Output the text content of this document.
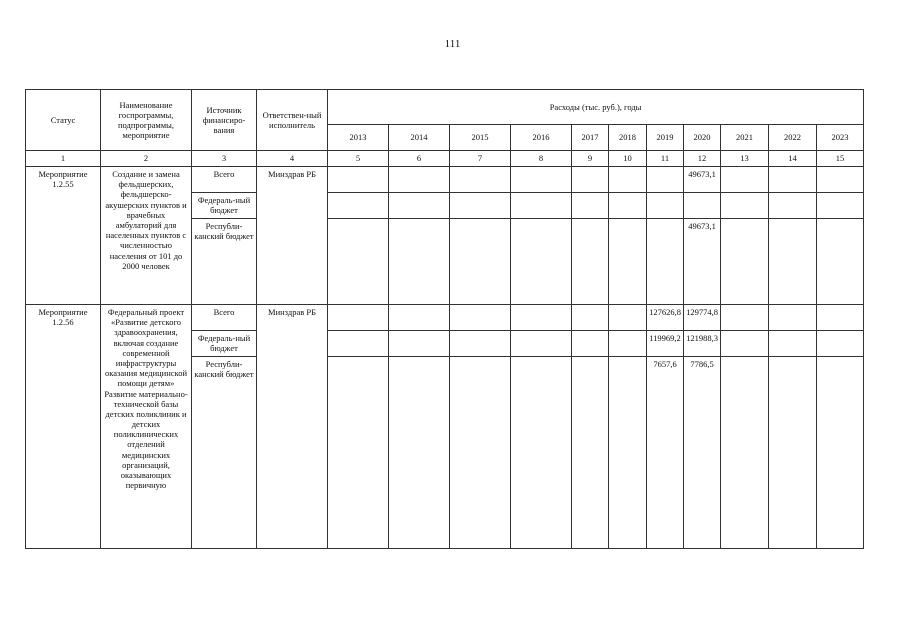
111
Статус	Наименование госпрограммы, подпрограммы, мероприятие	Источник финансиро-вания	Ответствен-ный исполнитель	Расходы (тыс. руб.), годы										
				2013	2014	2015	2016	2017	2018	2019	2020	2021	2022	2023
1	2	3	4	5	6	7	8	9	10	11	12	13	14	15
Мероприятие 1.2.55	Создание и замена фельдшерских, фельдшерско-акушерских пунктов и врачебных амбулаторий для населенных пунктов с численностью населения от 101 до 2000 человек	Всего	Минздрав РБ								49673,1			
		Федераль-ный бюджет												
		Республи-канский бюджет									49673,1			
Мероприятие 1.2.56	Федеральный проект «Развитие детского здравоохранения, включая создание современной инфраструктуры оказания медицинской помощи детям» Развитие материально-технической базы детских поликлиник и детских поликлинических отделений медицинских организаций, оказывающих первичную	Всего	Минздрав РБ							127626,8	129774,8			
		Федераль-ный бюджет								119969,2	121988,3			
		Республи-канский бюджет								7657,6	7786,5			
